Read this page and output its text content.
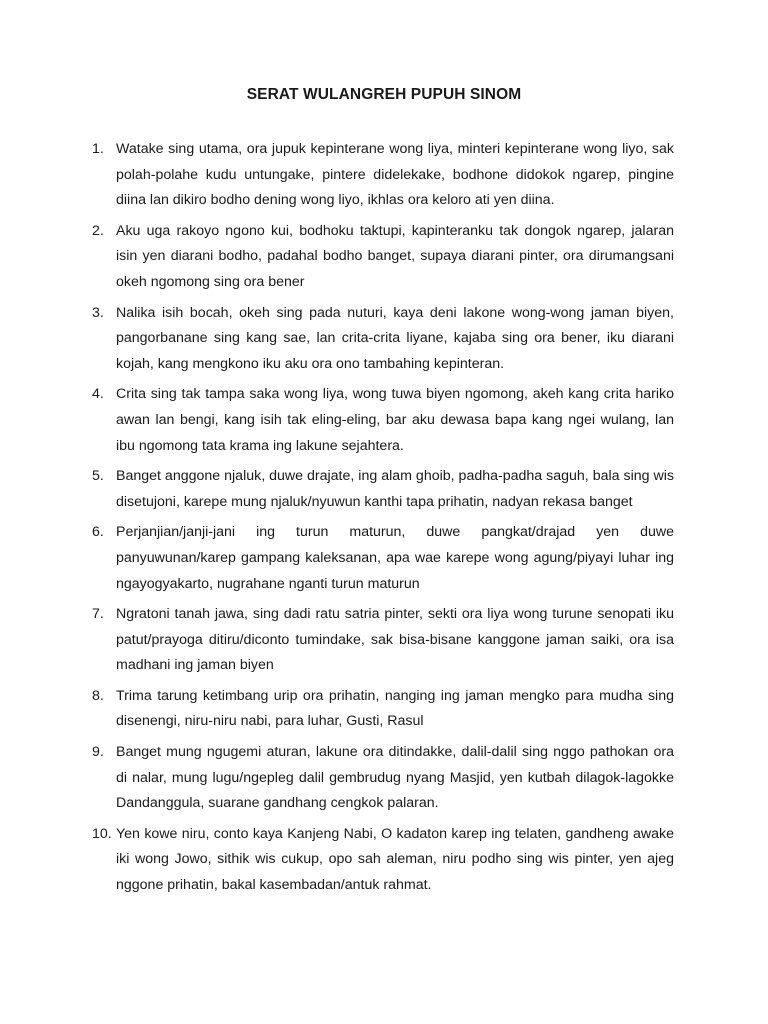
SERAT WULANGREH PUPUH SINOM
1. Watake sing utama, ora jupuk kepinterane wong liya, minteri kepinterane wong liyo, sak polah-polahe kudu untungake, pintere didelekake, bodhone didokok ngarep, pingine diina lan dikiro bodho dening wong liyo, ikhlas ora keloro ati yen diina.
2. Aku uga rakoyo ngono kui, bodhoku taktupi, kapinteranku tak dongok ngarep, jalaran isin yen diarani bodho, padahal bodho banget, supaya diarani pinter, ora dirumangsani okeh ngomong sing ora bener
3. Nalika isih bocah, okeh sing pada nuturi, kaya deni lakone wong-wong jaman biyen, pangorbanane sing kang sae, lan crita-crita liyane, kajaba sing ora bener, iku diarani kojah, kang mengkono iku aku ora ono tambahing kepinteran.
4. Crita sing tak tampa saka wong liya, wong tuwa biyen ngomong, akeh kang crita hariko awan lan bengi, kang isih tak eling-eling, bar aku dewasa bapa kang ngei wulang, lan ibu ngomong tata krama ing lakune sejahtera.
5. Banget anggone njaluk, duwe drajate, ing alam ghoib, padha-padha saguh, bala sing wis disetujoni, karepe mung njaluk/nyuwun kanthi tapa prihatin, nadyan rekasa banget
6. Perjanjian/janji-jani ing turun maturun, duwe pangkat/drajad yen duwe panyuwunan/karep gampang kaleksanan, apa wae karepe wong agung/piyayi luhar ing ngayogyakarto, nugrahane nganti turun maturun
7. Ngratoni tanah jawa, sing dadi ratu satria pinter, sekti ora liya wong turune senopati iku patut/prayoga ditiru/diconto tumindake, sak bisa-bisane kanggone jaman saiki, ora isa madhani ing jaman biyen
8. Trima tarung ketimbang urip ora prihatin, nanging ing jaman mengko para mudha sing disenengi, niru-niru nabi, para luhar, Gusti, Rasul
9. Banget mung ngugemi aturan, lakune ora ditindakke, dalil-dalil sing nggo pathokan ora di nalar, mung lugu/ngepleg dalil gembrudug nyang Masjid, yen kutbah dilagok-lagokke Dandanggula, suarane gandhang cengkok palaran.
10. Yen kowe niru, conto kaya Kanjeng Nabi, O kadaton karep ing telaten, gandheng awake iki wong Jowo, sithik wis cukup, opo sah aleman, niru podho sing wis pinter, yen ajeg nggone prihatin, bakal kasembadan/antuk rahmat.
